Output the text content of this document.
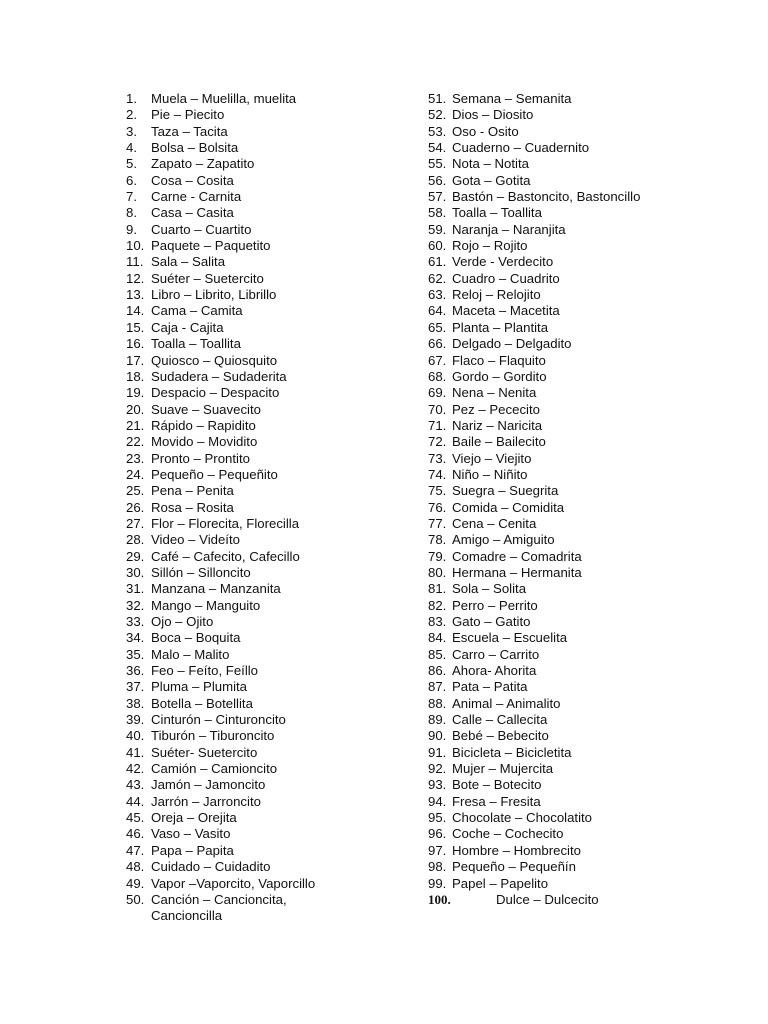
1.	Muela – Muelilla, muelita
2.	Pie – Piecito
3.	Taza – Tacita
4.	Bolsa – Bolsita
5.	Zapato – Zapatito
6.	Cosa – Cosita
7.	Carne - Carnita
8.	Casa – Casita
9.	Cuarto – Cuartito
10. Paquete – Paquetito
11. Sala – Salita
12. Suéter – Suetercito
13. Libro – Librito, Librillo
14. Cama – Camita
15. Caja - Cajita
16. Toalla – Toallita
17. Quiosco – Quiosquito
18. Sudadera – Sudaderita
19. Despacio – Despacito
20. Suave – Suavecito
21. Rápido – Rapidito
22. Movido – Movidito
23. Pronto – Prontito
24. Pequeño – Pequeñito
25. Pena – Penita
26. Rosa – Rosita
27. Flor – Florecita, Florecilla
28. Video – Videíto
29. Café – Cafecito, Cafecillo
30. Sillón – Silloncito
31. Manzana – Manzanita
32. Mango – Manguito
33. Ojo – Ojito
34. Boca – Boquita
35. Malo – Malito
36. Feo – Feíto, Feíllo
37. Pluma – Plumita
38. Botella – Botellita
39. Cinturón – Cinturoncito
40. Tiburón – Tiburoncito
41. Suéter- Suetercito
42. Camión – Camioncito
43. Jamón – Jamoncito
44. Jarrón – Jarroncito
45. Oreja – Orejita
46. Vaso – Vasito
47. Papa – Papita
48. Cuidado – Cuidadito
49. Vapor –Vaporcito, Vaporcillo
50. Canción – Cancioncita, Cancioncilla
51. Semana – Semanita
52. Dios – Diosito
53. Oso - Osito
54. Cuaderno – Cuadernito
55. Nota – Notita
56. Gota – Gotita
57. Bastón – Bastoncito, Bastoncillo
58. Toalla – Toallita
59. Naranja – Naranjita
60. Rojo – Rojito
61. Verde - Verdecito
62. Cuadro – Cuadrito
63. Reloj – Relojito
64. Maceta – Macetita
65. Planta – Plantita
66. Delgado – Delgadito
67. Flaco – Flaquito
68. Gordo – Gordito
69. Nena – Nenita
70. Pez – Pececito
71. Nariz – Naricita
72. Baile – Bailecito
73. Viejo – Viejito
74. Niño – Niñito
75. Suegra – Suegrita
76. Comida – Comidita
77. Cena – Cenita
78. Amigo – Amiguito
79. Comadre – Comadrita
80. Hermana – Hermanita
81. Sola – Solita
82. Perro – Perrito
83. Gato – Gatito
84. Escuela – Escuelita
85. Carro – Carrito
86. Ahora- Ahorita
87. Pata – Patita
88. Animal – Animalito
89. Calle – Callecita
90. Bebé – Bebecito
91. Bicicleta – Bicicletita
92. Mujer – Mujercita
93. Bote – Botecito
94. Fresa – Fresita
95. Chocolate – Chocolatito
96. Coche – Cochecito
97. Hombre – Hombrecito
98. Pequeño – Pequeñín
99. Papel – Papelito
100.	Dulce – Dulcecito
